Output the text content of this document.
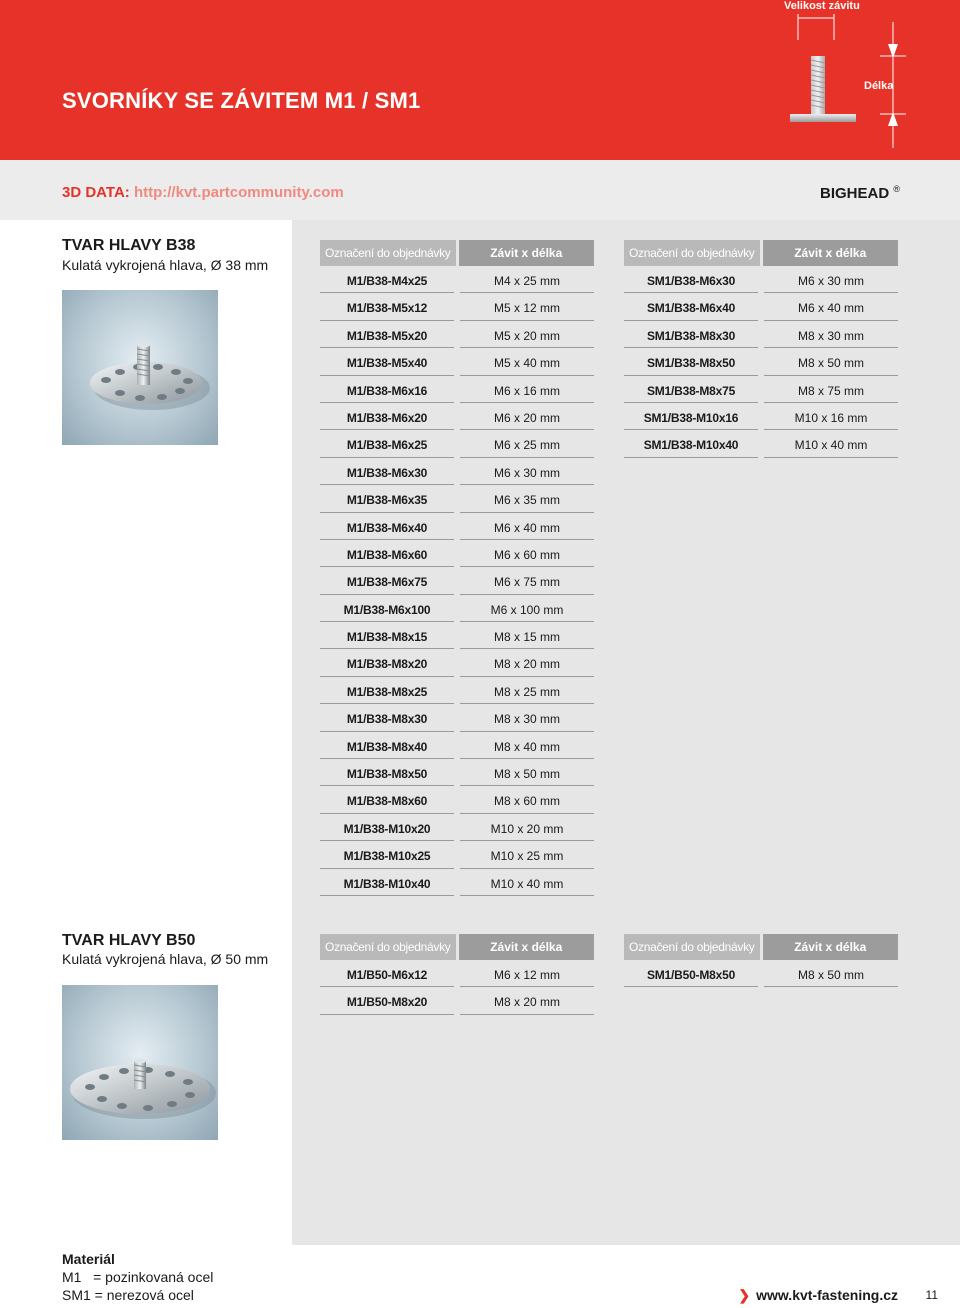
SVORNÍKY SE ZÁVITEM M1 / SM1
Velikost závitu
Délka
3D DATA: http://kvt.partcommunity.com	BIGHEAD ®
TVAR HLAVY B38
Kulatá vykrojená hlava, Ø 38 mm
Označení do objednávky	Závit x délka
M1/B38-M4x25	M4 x 25 mm
M1/B38-M5x12	M5 x 12 mm
M1/B38-M5x20	M5 x 20 mm
M1/B38-M5x40	M5 x 40 mm
M1/B38-M6x16	M6 x 16 mm
M1/B38-M6x20	M6 x 20 mm
M1/B38-M6x25	M6 x 25 mm
M1/B38-M6x30	M6 x 30 mm
M1/B38-M6x35	M6 x 35 mm
M1/B38-M6x40	M6 x 40 mm
M1/B38-M6x60	M6 x 60 mm
M1/B38-M6x75	M6 x 75 mm
M1/B38-M6x100	M6 x 100 mm
M1/B38-M8x15	M8 x 15 mm
M1/B38-M8x20	M8 x 20 mm
M1/B38-M8x25	M8 x 25 mm
M1/B38-M8x30	M8 x 30 mm
M1/B38-M8x40	M8 x 40 mm
M1/B38-M8x50	M8 x 50 mm
M1/B38-M8x60	M8 x 60 mm
M1/B38-M10x20	M10 x 20 mm
M1/B38-M10x25	M10 x 25 mm
M1/B38-M10x40	M10 x 40 mm
Označení do objednávky	Závit x délka
SM1/B38-M6x30	M6 x 30 mm
SM1/B38-M6x40	M6 x 40 mm
SM1/B38-M8x30	M8 x 30 mm
SM1/B38-M8x50	M8 x 50 mm
SM1/B38-M8x75	M8 x 75 mm
SM1/B38-M10x16	M10 x 16 mm
SM1/B38-M10x40	M10 x 40 mm
TVAR HLAVY B50
Kulatá vykrojená hlava, Ø 50 mm
Označení do objednávky	Závit x délka
M1/B50-M6x12	M6 x 12 mm
M1/B50-M8x20	M8 x 20 mm
Označení do objednávky	Závit x délka
SM1/B50-M8x50	M8 x 50 mm
Materiál
M1   = pozinkovaná ocel
SM1 = nerezová ocel	❯ www.kvt-fastening.cz 11
